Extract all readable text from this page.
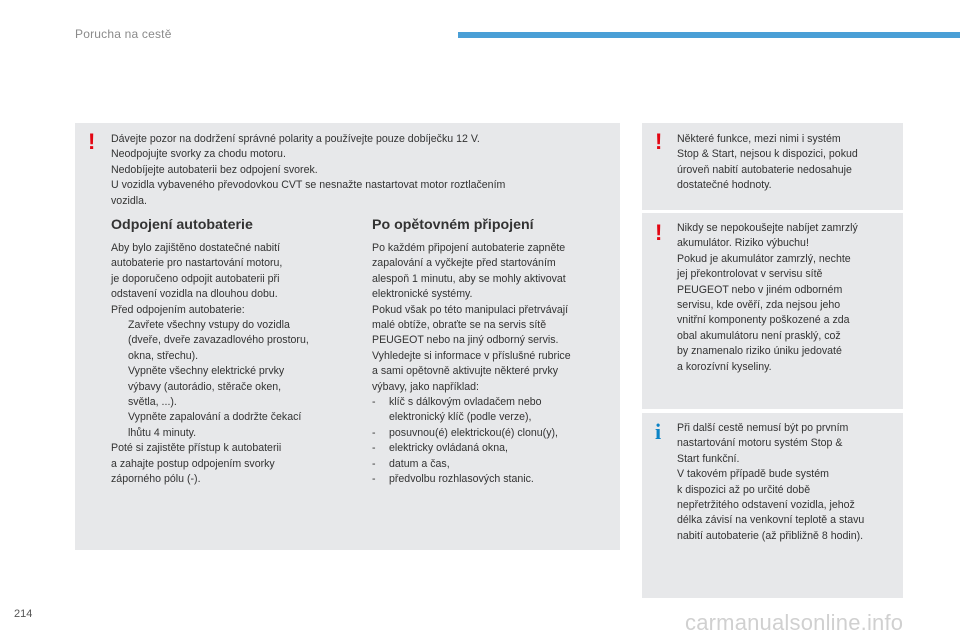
Porucha na cestě
! Dávejte pozor na dodržení správné polarity a používejte pouze dobíječku 12 V.
Neodpojujte svorky za chodu motoru.
Nedobíjejte autobaterii bez odpojení svorek.
U vozidla vybaveného převodovkou CVT se nesnažte nastartovat motor roztlačením
vozidla.
Odpojení autobaterie
Aby bylo zajištěno dostatečné nabití
autobaterie pro nastartování motoru,
je doporučeno odpojit autobaterii při
odstavení vozidla na dlouhou dobu.
Před odpojením autobaterie:
Zavřete všechny vstupy do vozidla
(dveře, dveře zavazadlového prostoru,
okna, střechu).
Vypněte všechny elektrické prvky
výbavy (autorádio, stěrače oken,
světla, ...).
Vypněte zapalování a dodržte čekací
lhůtu 4 minuty.
Poté si zajistěte přístup k autobaterii
a zahajte postup odpojením svorky
záporného pólu (-).
Po opětovném připojení
Po každém připojení autobaterie zapněte
zapalování a vyčkejte před startováním
alespoň 1 minutu, aby se mohly aktivovat
elektronické systémy.
Pokud však po této manipulaci přetrvávají
malé obtíže, obraťte se na servis sítě
PEUGEOT nebo na jiný odborný servis.
Vyhledejte si informace v příslušné rubrice
a sami opětovně aktivujte některé prvky
výbavy, jako například:
-	klíč s dálkovým ovladačem nebo
elektronický klíč (podle verze),
-	posuvnou(é) elektrickou(é) clonu(y),
-	elektricky ovládaná okna,
-	datum a čas,
-	předvolbu rozhlasových stanic.
! Některé funkce, mezi nimi i systém
Stop & Start, nejsou k dispozici, pokud
úroveň nabití autobaterie nedosahuje
dostatečné hodnoty.
! Nikdy se nepokoušejte nabíjet zamrzlý
akumulátor. Riziko výbuchu!
Pokud je akumulátor zamrzlý, nechte
jej překontrolovat v servisu sítě
PEUGEOT nebo v jiném odborném
servisu, kde ověří, zda nejsou jeho
vnitřní komponenty poškozené a zda
obal akumulátoru není prasklý, což
by znamenalo riziko úniku jedovaté
a korozívní kyseliny.
i Při další cestě nemusí být po prvním
nastartování motoru systém Stop &
Start funkční.
V takovém případě bude systém
k dispozici až po určité době
nepřetržitého odstavení vozidla, jehož
délka závisí na venkovní teplotě a stavu
nabití autobaterie (až přibližně 8 hodin).
214	carmanualsonline.info
